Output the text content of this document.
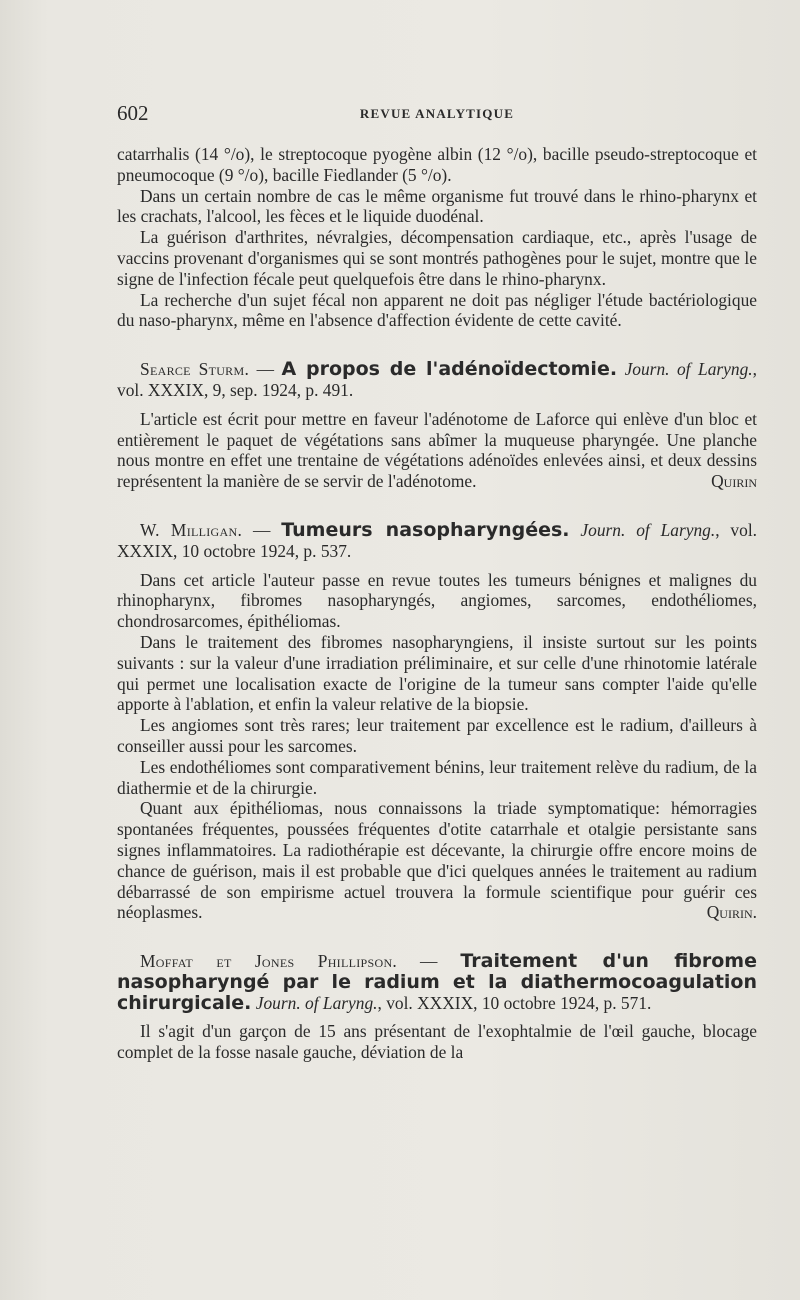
602	REVUE ANALYTIQUE

catarrhalis (14 °/o), le streptocoque pyogène albin (12 °/o), bacille pseudo-streptocoque et pneumocoque (9 °/o), bacille Fiedlander (5 °/o).

Dans un certain nombre de cas le même organisme fut trouvé dans le rhino-pharynx et les crachats, l'alcool, les fèces et le liquide duodénal.

La guérison d'arthrites, névralgies, décompensation cardiaque, etc., après l'usage de vaccins provenant d'organismes qui se sont montrés pathogènes pour le sujet, montre que le signe de l'infection fécale peut quelquefois être dans le rhino-pharynx.

La recherche d'un sujet fécal non apparent ne doit pas négliger l'étude bactériologique du naso-pharynx, même en l'absence d'affection évidente de cette cavité.

Searce Sturm. — A propos de l'adénoïdectomie. Journ. of Laryng., vol. XXXIX, 9, sep. 1924, p. 491.

L'article est écrit pour mettre en faveur l'adénotome de Laforce qui enlève d'un bloc et entièrement le paquet de végétations sans abîmer la muqueuse pharyngée. Une planche nous montre en effet une trentaine de végétations adénoïdes enlevées ainsi, et deux dessins représentent la manière de se servir de l'adénotome.	Quirin

W. Milligan. — Tumeurs nasopharyngées. Journ. of Laryng., vol. XXXIX, 10 octobre 1924, p. 537.

Dans cet article l'auteur passe en revue toutes les tumeurs bénignes et malignes du rhinopharynx, fibromes nasopharyngés, angiomes, sarcomes, endothéliomes, chondrosarcomes, épithéliomas.

Dans le traitement des fibromes nasopharyngiens, il insiste surtout sur les points suivants : sur la valeur d'une irradiation préliminaire, et sur celle d'une rhinotomie latérale qui permet une localisation exacte de l'origine de la tumeur sans compter l'aide qu'elle apporte à l'ablation, et enfin la valeur relative de la biopsie.

Les angiomes sont très rares; leur traitement par excellence est le radium, d'ailleurs à conseiller aussi pour les sarcomes.

Les endothéliomes sont comparativement bénins, leur traitement relève du radium, de la diathermie et de la chirurgie.

Quant aux épithéliomas, nous connaissons la triade symptomatique: hémorragies spontanées fréquentes, poussées fréquentes d'otite catarrhale et otalgie persistante sans signes inflammatoires. La radiothérapie est décevante, la chirurgie offre encore moins de chance de guérison, mais il est probable que d'ici quelques années le traitement au radium débarrassé de son empirisme actuel trouvera la formule scientifique pour guérir ces néoplasmes.	Quirin.

Moffat et Jones Phillipson. — Traitement d'un fibrome nasopharyngé par le radium et la diathermocoagulation chirurgicale. Journ. of Laryng., vol. XXXIX, 10 octobre 1924, p. 571.

Il s'agit d'un garçon de 15 ans présentant de l'exophtalmie de l'œil gauche, blocage complet de la fosse nasale gauche, déviation de la
